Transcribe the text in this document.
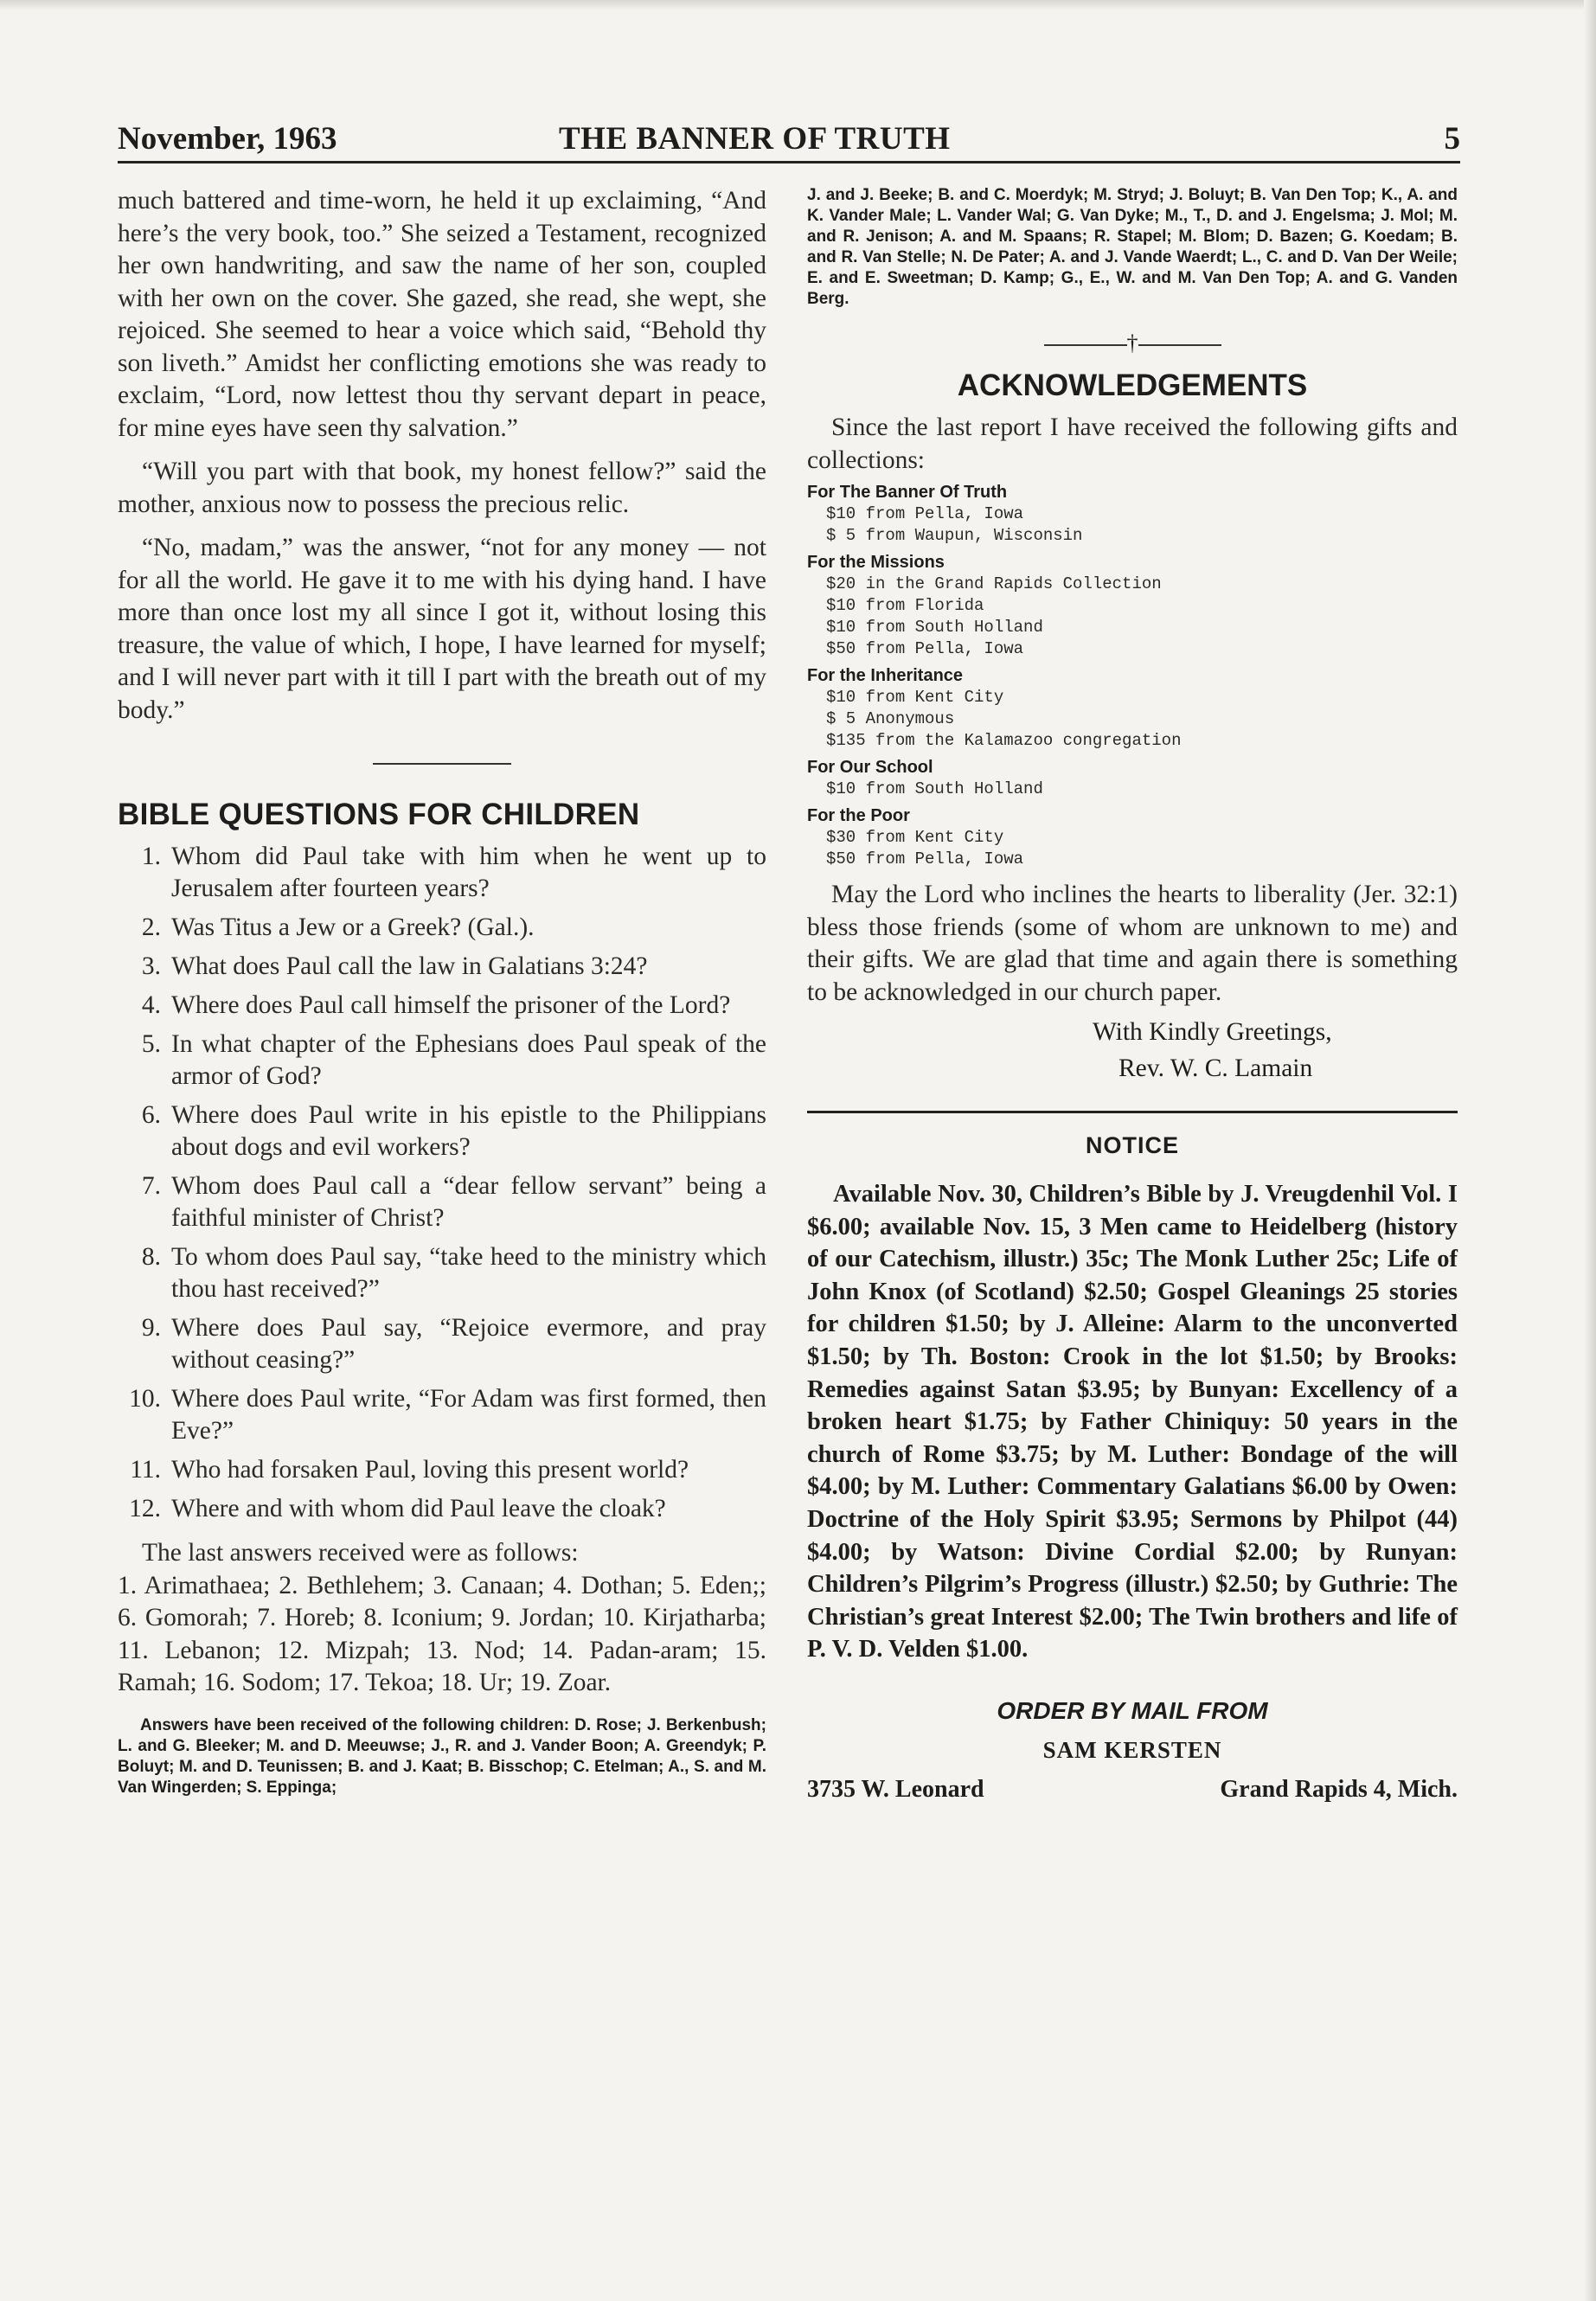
November, 1963	THE BANNER OF TRUTH	5

much battered and time-worn, he held it up exclaiming, “And here’s the very book, too.” She seized a Testament, recognized her own handwriting, and saw the name of her son, coupled with her own on the cover. She gazed, she read, she wept, she rejoiced. She seemed to hear a voice which said, “Behold thy son liveth.” Amidst her conflicting emotions she was ready to exclaim, “Lord, now lettest thou thy servant depart in peace, for mine eyes have seen thy salvation.”

“Will you part with that book, my honest fellow?” said the mother, anxious now to possess the precious relic.

“No, madam,” was the answer, “not for any money — not for all the world. He gave it to me with his dying hand. I have more than once lost my all since I got it, without losing this treasure, the value of which, I hope, I have learned for myself; and I will never part with it till I part with the breath out of my body.”

BIBLE QUESTIONS FOR CHILDREN
1. Whom did Paul take with him when he went up to Jerusalem after fourteen years?
2. Was Titus a Jew or a Greek? (Gal.).
3. What does Paul call the law in Galatians 3:24?
4. Where does Paul call himself the prisoner of the Lord?
5. In what chapter of the Ephesians does Paul speak of the armor of God?
6. Where does Paul write in his epistle to the Philippians about dogs and evil workers?
7. Whom does Paul call a “dear fellow servant” being a faithful minister of Christ?
8. To whom does Paul say, “take heed to the ministry which thou hast received?”
9. Where does Paul say, “Rejoice evermore, and pray without ceasing?”
10. Where does Paul write, “For Adam was first formed, then Eve?”
11. Who had forsaken Paul, loving this present world?
12. Where and with whom did Paul leave the cloak?

The last answers received were as follows:

1. Arimathaea; 2. Bethlehem; 3. Canaan; 4. Dothan; 5. Eden;; 6. Gomorah; 7. Horeb; 8. Iconium; 9. Jordan; 10. Kirjatharba; 11. Lebanon; 12. Mizpah; 13. Nod; 14. Padan-aram; 15. Ramah; 16. Sodom; 17. Tekoa; 18. Ur; 19. Zoar.

Answers have been received of the following children: D. Rose; J. Berkenbush; L. and G. Bleeker; M. and D. Meeuwse; J., R. and J. Vander Boon; A. Greendyk; P. Boluyt; M. and D. Teunissen; B. and J. Kaat; B. Bisschop; C. Etelman; A., S. and M. Van Wingerden; S. Eppinga;

J. and J. Beeke; B. and C. Moerdyk; M. Stryd; J. Boluyt; B. Van Den Top; K., A. and K. Vander Male; L. Vander Wal; G. Van Dyke; M., T., D. and J. Engelsma; J. Mol; M. and R. Jenison; A. and M. Spaans; R. Stapel; M. Blom; D. Bazen; G. Koedam; B. and R. Van Stelle; N. De Pater; A. and J. Vande Waerdt; L., C. and D. Van Der Weile; E. and E. Sweetman; D. Kamp; G., E., W. and M. Van Den Top; A. and G. Vanden Berg.

†
ACKNOWLEDGEMENTS

Since the last report I have received the following gifts and collections:

For The Banner Of Truth

$10 from Pella, Iowa

$ 5 from Waupun, Wisconsin

For the Missions

$20 in the Grand Rapids Collection

$10 from Florida

$10 from South Holland

$50 from Pella, Iowa

For the Inheritance

$10 from Kent City

$ 5 Anonymous

$135 from the Kalamazoo congregation

For Our School

$10 from South Holland

For the Poor

$30 from Kent City

$50 from Pella, Iowa

May the Lord who inclines the hearts to liberality (Jer. 32:1) bless those friends (some of whom are unknown to me) and their gifts. We are glad that time and again there is something to be acknowledged in our church paper.

With Kindly Greetings,

Rev. W. C. Lamain

NOTICE

Available Nov. 30, Children’s Bible by J. Vreugdenhil Vol. I $6.00; available Nov. 15, 3 Men came to Heidelberg (history of our Catechism, illustr.) 35c; The Monk Luther 25c; Life of John Knox (of Scotland) $2.50; Gospel Gleanings 25 stories for children $1.50; by J. Alleine: Alarm to the unconverted $1.50; by Th. Boston: Crook in the lot $1.50; by Brooks: Remedies against Satan $3.95; by Bunyan: Excellency of a broken heart $1.75; by Father Chiniquy: 50 years in the church of Rome $3.75; by M. Luther: Bondage of the will $4.00; by M. Luther: Commentary Galatians $6.00 by Owen: Doctrine of the Holy Spirit $3.95; Sermons by Philpot (44) $4.00; by Watson: Divine Cordial $2.00; by Runyan: Children’s Pilgrim’s Progress (illustr.) $2.50; by Guthrie: The Christian’s great Interest $2.00; The Twin brothers and life of P. V. D. Velden $1.00.

ORDER BY MAIL FROM

SAM KERSTEN

3735 W. Leonard	Grand Rapids 4, Mich.
